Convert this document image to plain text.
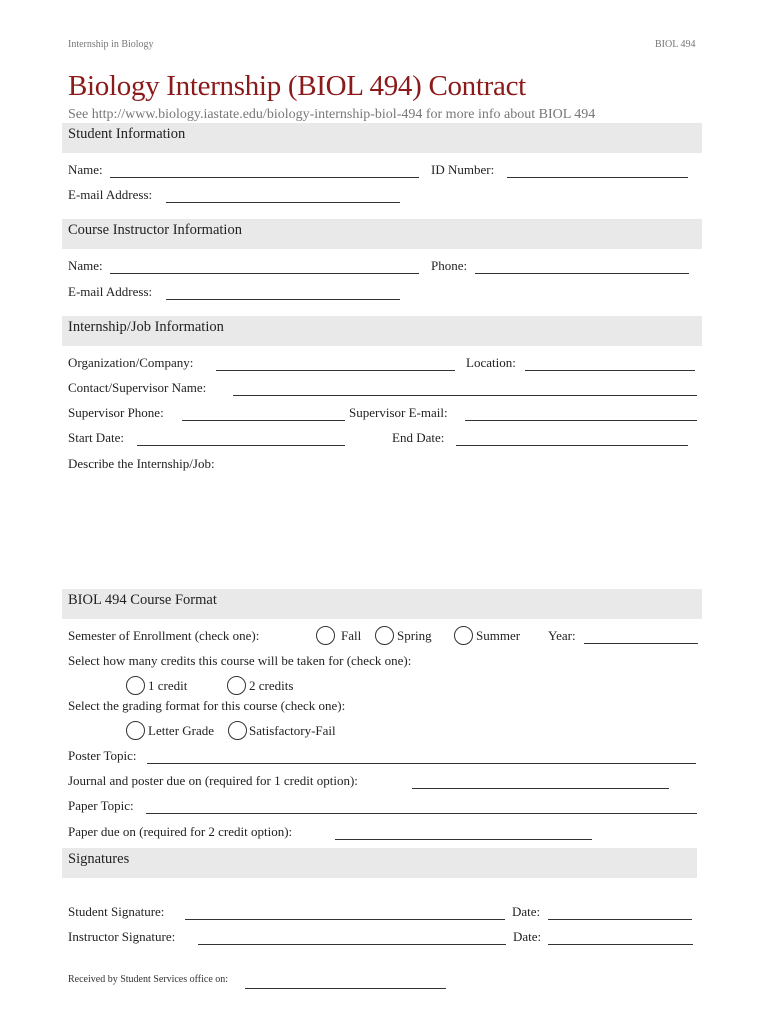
Internship in Biology	BIOL 494
Biology Internship (BIOL 494) Contract
See http://www.biology.iastate.edu/biology-internship-biol-494 for more info about BIOL 494
Student Information
Name:	ID Number:
E-mail Address:
Course Instructor Information
Name:	Phone:
E-mail Address:
Internship/Job Information
Organization/Company:	Location:
Contact/Supervisor Name:
Supervisor Phone:	Supervisor E-mail:
Start Date:	End Date:
Describe the Internship/Job:
BIOL 494 Course Format
Semester of Enrollment (check one):	Fall	Spring	Summer Year:
Select how many credits this course will be taken for (check one):
1 credit	2 credits
Select the grading format for this course (check one):
Letter Grade	Satisfactory-Fail
Poster Topic:
Journal and poster due on (required for 1 credit option):
Paper Topic:
Paper due on (required for 2 credit option):
Signatures
Student Signature:	Date:
Instructor Signature:	Date:
Received by Student Services office on:
